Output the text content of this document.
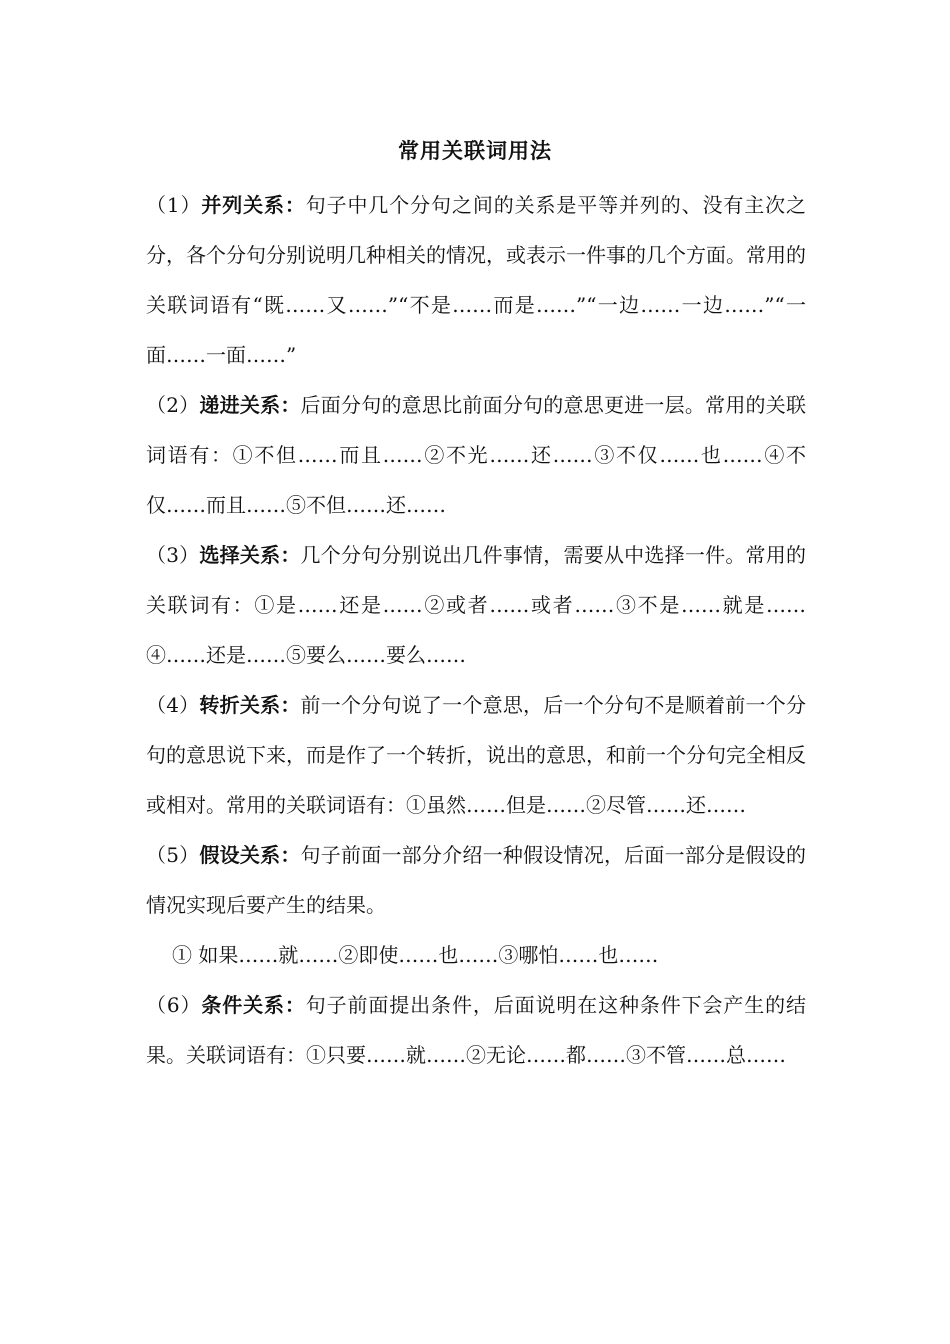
常用关联词用法

（1）并列关系：句子中几个分句之间的关系是平等并列的、没有主次之分，各个分句分别说明几种相关的情况，或表示一件事的几个方面。常用的关联词语有“既……又……”“不是……而是……”“一边……一边……”“一面……一面……”

（2）递进关系：后面分句的意思比前面分句的意思更进一层。常用的关联词语有：①不但……而且……②不光……还……③不仅……也……④不仅……而且……⑤不但……还……

（3）选择关系：几个分句分别说出几件事情，需要从中选择一件。常用的关联词有：①是……还是……②或者……或者……③不是……就是……④……还是……⑤要么……要么……

（4）转折关系：前一个分句说了一个意思，后一个分句不是顺着前一个分句的意思说下来，而是作了一个转折，说出的意思，和前一个分句完全相反或相对。常用的关联词语有：①虽然……但是……②尽管……还……

（5）假设关系：句子前面一部分介绍一种假设情况，后面一部分是假设的情况实现后要产生的结果。

① 如果……就……②即使……也……③哪怕……也……

（6）条件关系：句子前面提出条件，后面说明在这种条件下会产生的结果。关联词语有：①只要……就……②无论……都……③不管……总……
